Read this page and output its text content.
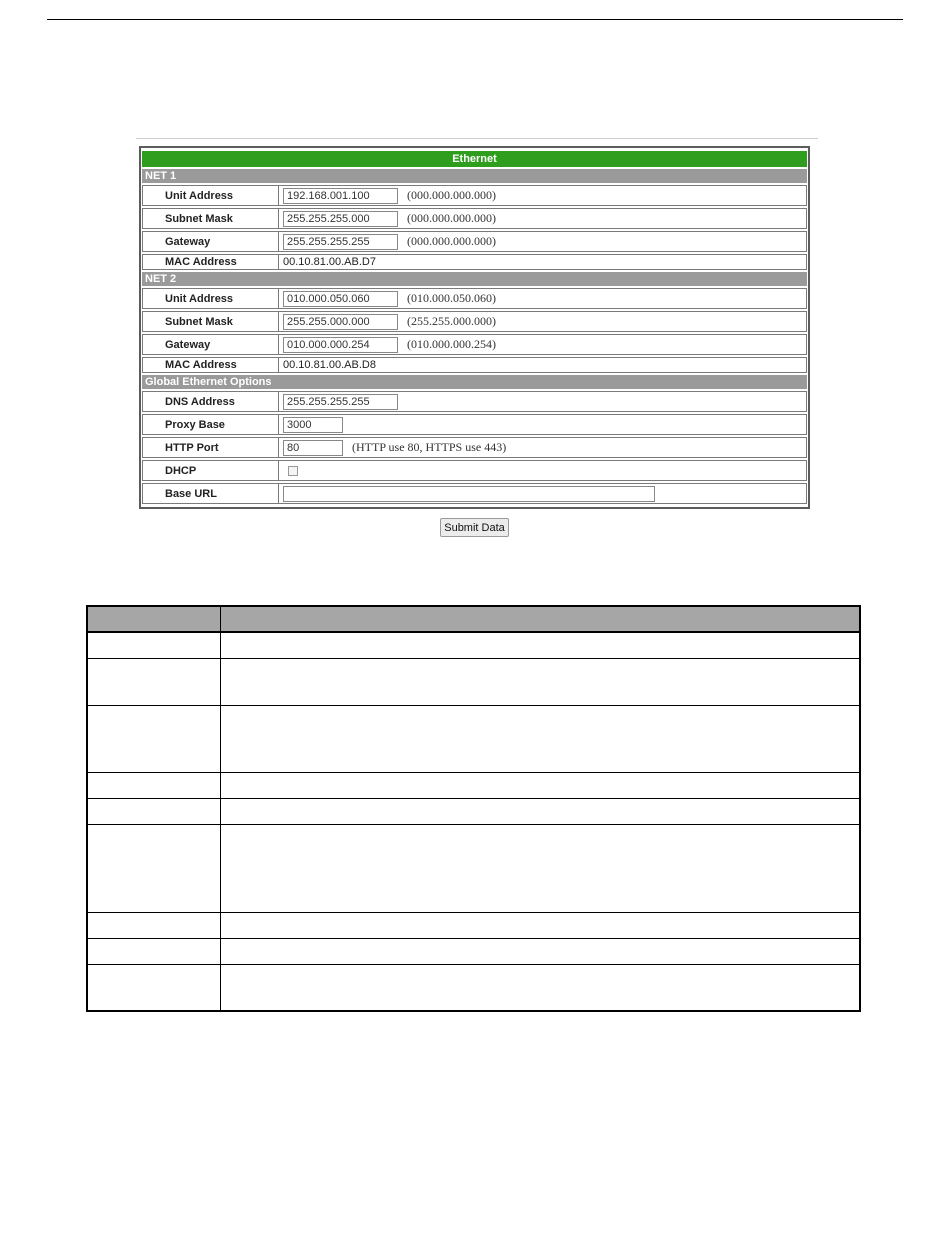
Ethernet	
NET 1	
Unit Address	192.168.001.100(000.000.000.000)
Subnet Mask	255.255.255.000(000.000.000.000)
Gateway	255.255.255.255(000.000.000.000)
MAC Address	00.10.81.00.AB.D7
NET 2	
Unit Address	010.000.050.060(010.000.050.060)
Subnet Mask	255.255.000.000(255.255.000.000)
Gateway	010.000.000.254(010.000.000.254)
MAC Address	00.10.81.00.AB.D8
Global Ethernet Options	
DNS Address	255.255.255.255
Proxy Base	3000
HTTP Port	80(HTTP use 80, HTTPS use 443)
DHCP	
Base URL	
Submit Data
